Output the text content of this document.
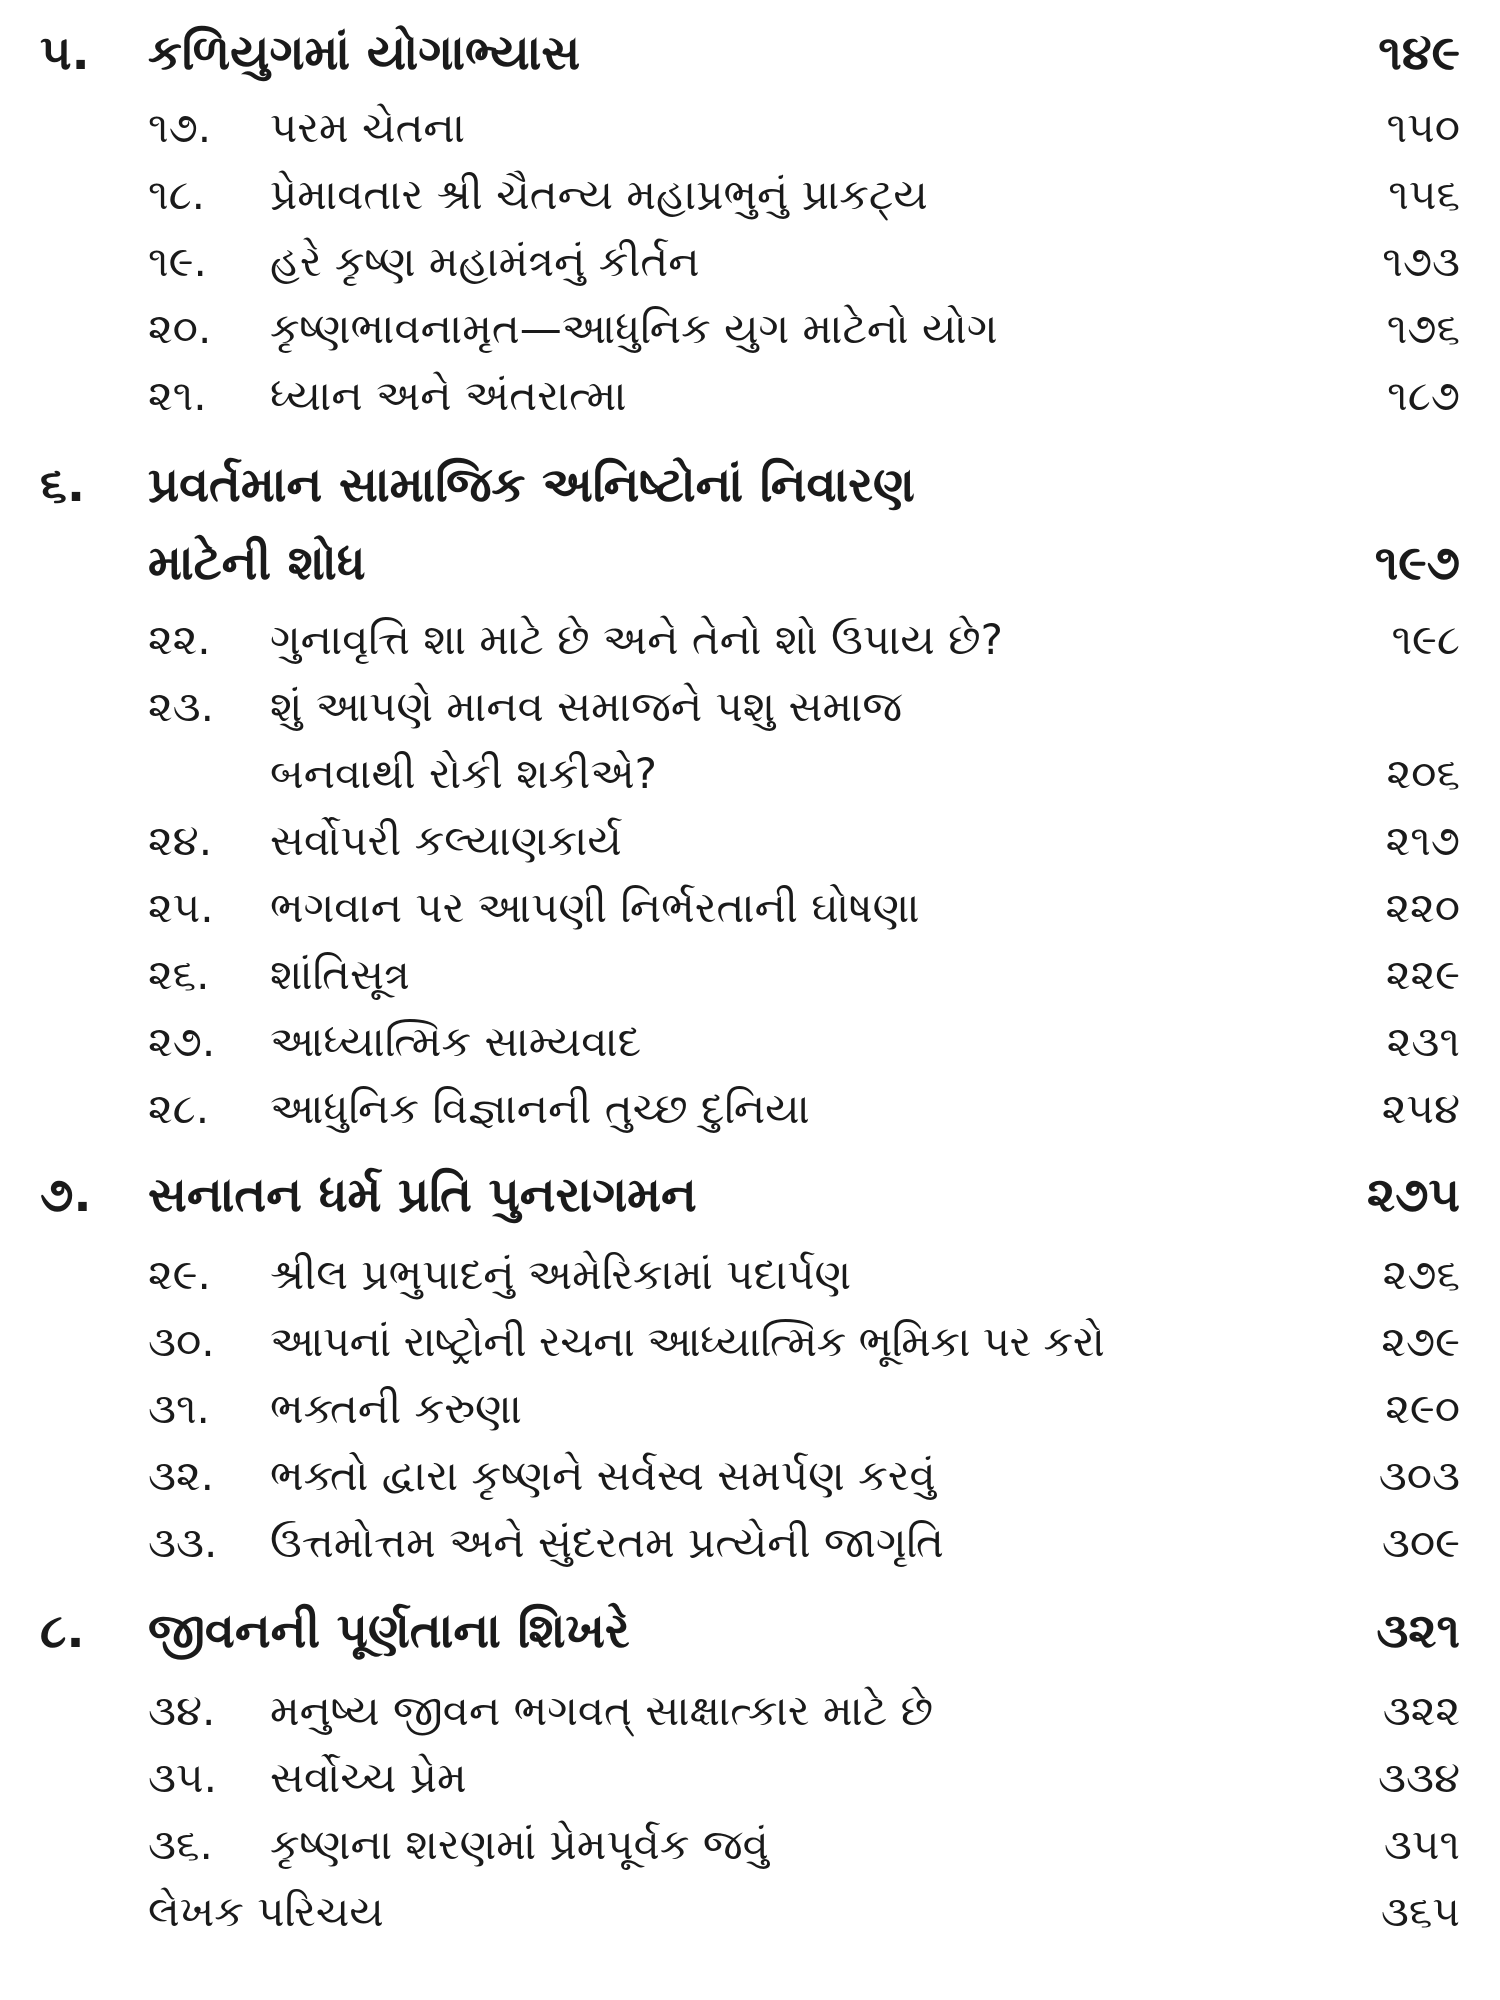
૫. કળિયુગમાં યોગાભ્યાસ	૧૪૯
૧૭. પરમ ચેતના	૧૫૦
૧૮. પ્રેમાવતાર શ્રી ચૈતન્ય મહાપ્રભુનું પ્રાકટ્ય	૧૫૬
૧૯. હરે કૃષ્ણ મહામંત્રનું કીર્તન	૧૭૩
૨૦. કૃષ્ણભાવનામૃત—આધુનિક યુગ માટેનો યોગ	૧૭૬
૨૧. ધ્યાન અને અંતરાત્મા	૧૮૭
૬. પ્રવર્તમાન સામાજિક અનિષ્ટોનાં નિવારણ
માટેની શોધ	૧૯૭
૨૨. ગુનાવૃત્તિ શા માટે છે અને તેનો શો ઉપાય છે?	૧૯૮
૨૩. શું આપણે માનવ સમાજને પશુ સમાજ
બનવાથી રોકી શકીએ?	૨૦૬
૨૪. સર્વોપરી કલ્યાણકાર્ય	૨૧૭
૨૫. ભગવાન પર આપણી નિર્ભરતાની ઘોષણા	૨૨૦
૨૬. શાંતિસૂત્ર	૨૨૯
૨૭. આધ્યાત્મિક સામ્યવાદ	૨૩૧
૨૮. આધુનિક વિજ્ઞાનની તુચ્છ દુનિયા	૨૫૪
૭. સનાતન ધર્મ પ્રતિ પુનરાગમન	૨૭૫
૨૯. શ્રીલ પ્રભુપાદનું અમેરિકામાં પદાર્પણ	૨૭૬
૩૦. આપનાં રાષ્ટ્રોની રચના આધ્યાત્મિક ભૂમિકા પર કરો	૨૭૯
૩૧. ભક્તની કરુણા	૨૯૦
૩૨. ભક્તો દ્વારા કૃષ્ણને સર્વસ્વ સમર્પણ કરવું	૩૦૩
૩૩. ઉત્તમોત્તમ અને સુંદરતમ પ્રત્યેની જાગૃતિ	૩૦૯
૮. જીવનની પૂર્ણતાના શિખરે	૩૨૧
૩૪. મનુષ્ય જીવન ભગવત્ સાક્ષાત્કાર માટે છે	૩૨૨
૩૫. સર્વોચ્ચ પ્રેમ	૩૩૪
૩૬. કૃષ્ણના શરણમાં પ્રેમપૂર્વક જવું	૩૫૧
લેખક પરિચય	૩૬૫
